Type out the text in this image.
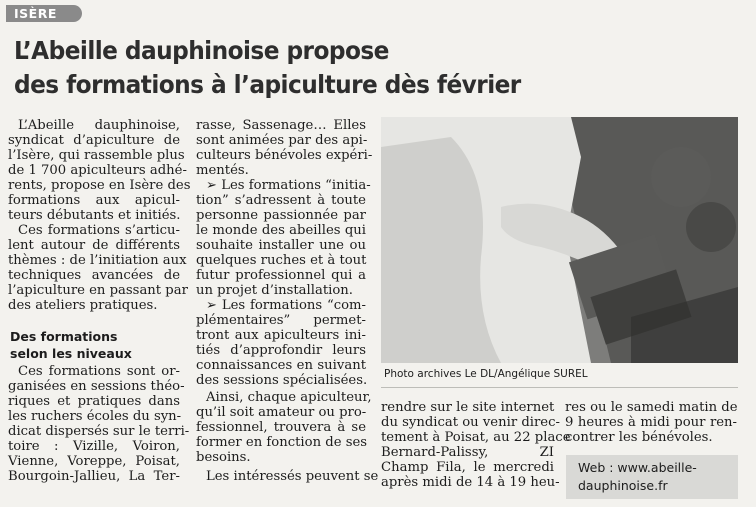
ISÈRE
L’Abeille dauphinoise propose
des formations à l’apiculture dès février
L’Abeille dauphinoise,
syndicat d’apiculture de
l’Isère, qui rassemble plus
de 1 700 apiculteurs adhé-
rents, propose en Isère des
formations aux apicul-
teurs débutants et initiés.
Ces formations s’articu-
lent autour de différents
thèmes : de l’initiation aux
techniques avancées de
l’apiculture en passant par
des ateliers pratiques.
Des formations
selon les niveaux
Ces formations sont or-
ganisées en sessions théo-
riques et pratiques dans
les ruchers écoles du syn-
dicat dispersés sur le terri-
toire : Vizille, Voiron,
Vienne, Voreppe, Poisat,
Bourgoin-Jallieu, La Ter-
rasse, Sassenage… Elles
sont animées par des api-
culteurs bénévoles expéri-
mentés.
➢ Les formations “initia-
tion” s’adressent à toute
personne passionnée par
le monde des abeilles qui
souhaite installer une ou
quelques ruches et à tout
futur professionnel qui a
un projet d’installation.
➢ Les formations “com-
plémentaires” permet-
tront aux apiculteurs ini-
tiés d’approfondir leurs
connaissances en suivant
des sessions spécialisées.
Ainsi, chaque apiculteur,
qu’il soit amateur ou pro-
fessionnel, trouvera à se
former en fonction de ses
besoins.
Les intéressés peuvent se
Photo archives Le DL/Angélique SUREL
rendre sur le site internet
du syndicat ou venir direc-
tement à Poisat, au 22 place
Bernard-Palissy, ZI
Champ Fila, le mercredi
après midi de 14 à 19 heu-
res ou le samedi matin de
9 heures à midi pour ren-
contrer les bénévoles.
Web : www.abeille-
dauphinoise.fr
